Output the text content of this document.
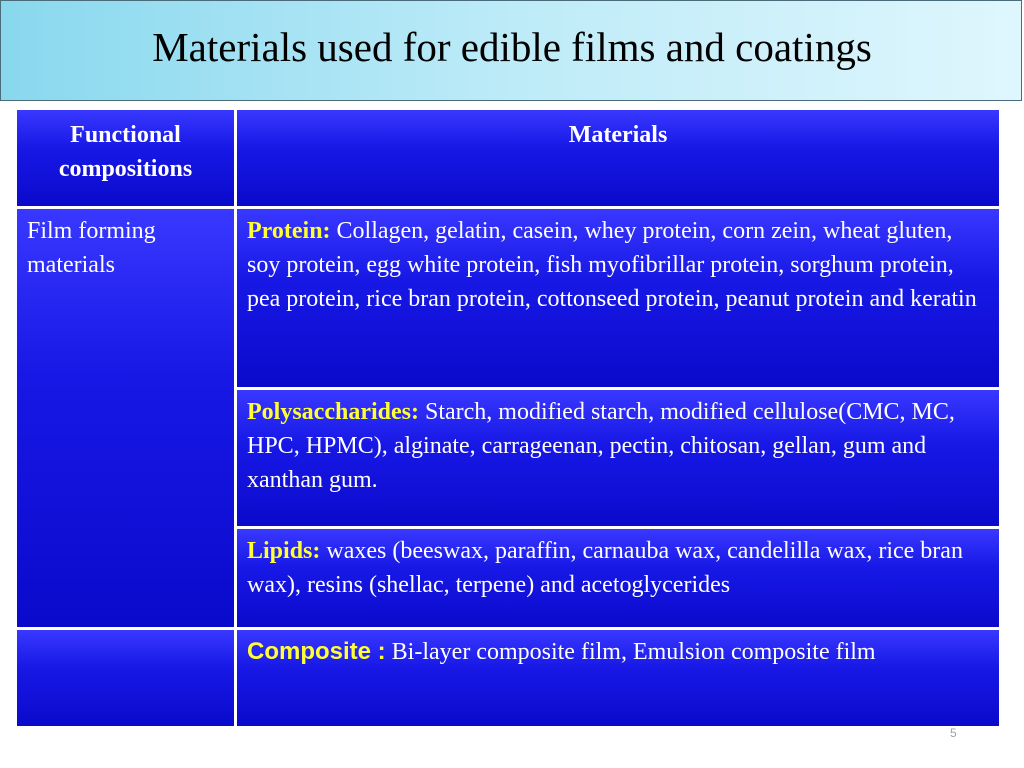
Materials used for edible films and coatings
Functional compositions
Materials
Film forming materials
Protein: Collagen, gelatin, casein, whey protein, corn zein, wheat gluten, soy protein, egg white protein, fish myofibrillar protein, sorghum protein, pea protein, rice bran protein, cottonseed protein, peanut protein and keratin
Polysaccharides: Starch, modified starch, modified cellulose(CMC, MC, HPC, HPMC), alginate, carrageenan, pectin, chitosan, gellan, gum and xanthan gum.
Lipids: waxes (beeswax, paraffin, carnauba wax, candelilla wax, rice bran wax), resins (shellac, terpene) and acetoglycerides
Composite : Bi-layer composite film, Emulsion composite film
5
